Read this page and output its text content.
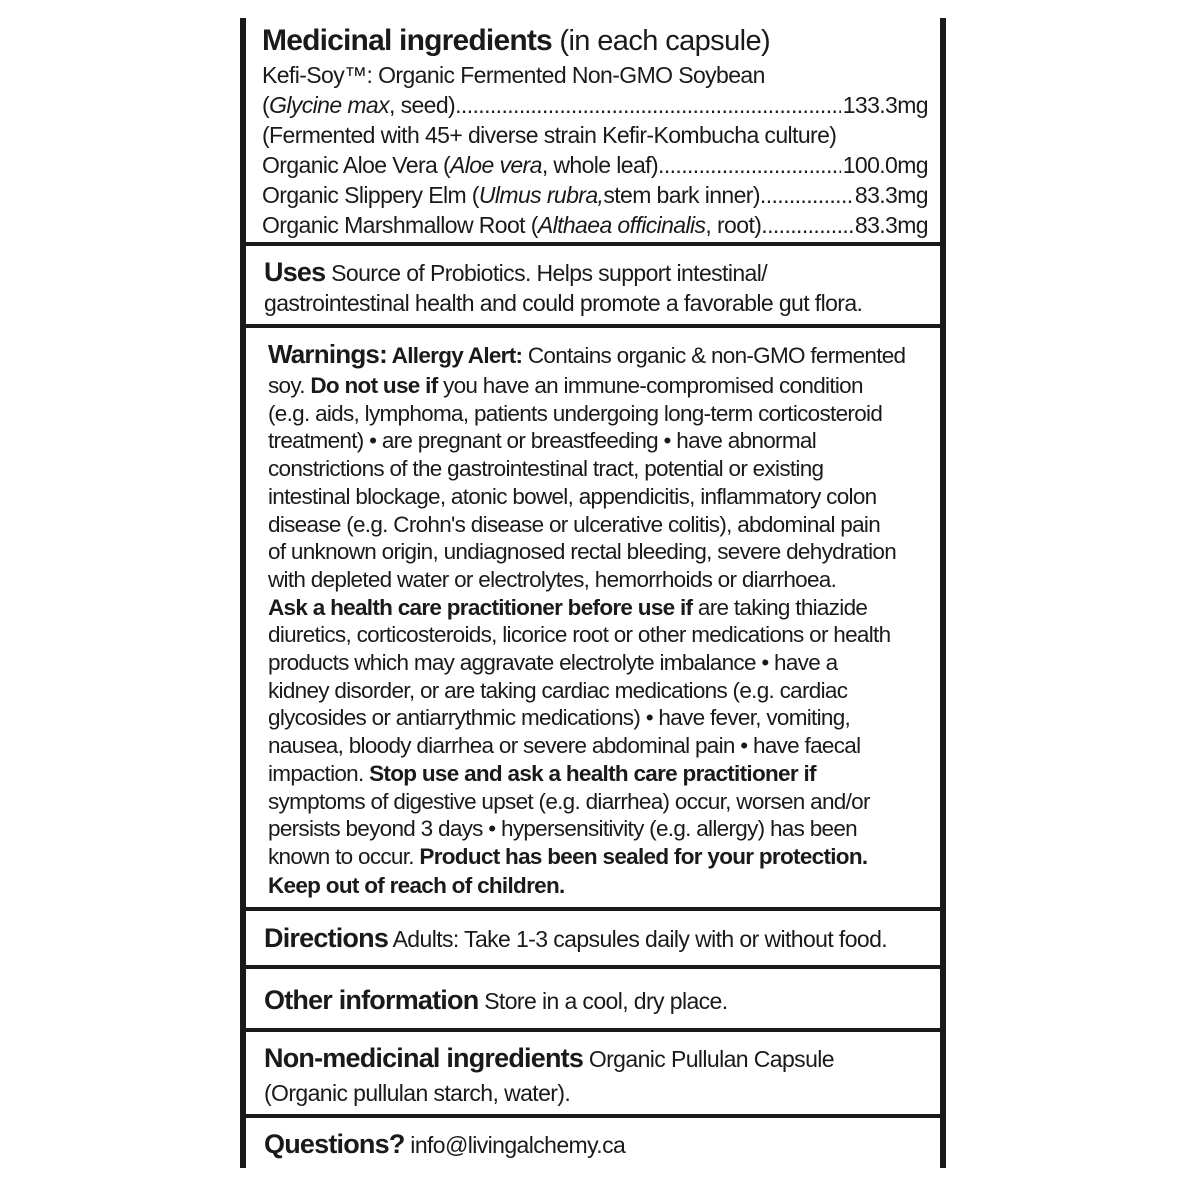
Medicinal ingredients (in each capsule)
Kefi-Soy™: Organic Fermented Non-GMO Soybean
( Glycine max , seed) .....	133.3mg
(Fermented with 45+ diverse strain Kefir-Kombucha culture)
Organic Aloe Vera ( Aloe vera , whole leaf) .....	100.0mg
Organic Slippery Elm ( Ulmus rubra, stem bark inner) .....	83.3mg
Organic Marshmallow Root ( Althaea officinalis , root) .....	83.3mg
Uses Source of Probiotics. Helps support intestinal/
gastrointestinal health and could promote a favorable gut flora.
Warnings: Allergy Alert: Contains organic & non-GMO fermented
soy. Do not use if you have an immune-compromised condition
(e.g. aids, lymphoma, patients undergoing long-term corticosteroid
treatment) • are pregnant or breastfeeding • have abnormal
constrictions of the gastrointestinal tract, potential or existing
intestinal blockage, atonic bowel, appendicitis, inflammatory colon
disease (e.g. Crohn's disease or ulcerative colitis), abdominal pain
of unknown origin, undiagnosed rectal bleeding, severe dehydration
with depleted water or electrolytes, hemorrhoids or diarrhoea.
Ask a health care practitioner before use if are taking thiazide
diuretics, corticosteroids, licorice root or other medications or health
products which may aggravate electrolyte imbalance • have a
kidney disorder, or are taking cardiac medications (e.g. cardiac
glycosides or antiarrythmic medications) • have fever, vomiting,
nausea, bloody diarrhea or severe abdominal pain • have faecal
impaction. Stop use and ask a health care practitioner if
symptoms of digestive upset (e.g. diarrhea) occur, worsen and/or
persists beyond 3 days • hypersensitivity (e.g. allergy) has been
known to occur. Product has been sealed for your protection.
Keep out of reach of children.
Directions Adults: Take 1-3 capsules daily with or without food.
Other information Store in a cool, dry place.
Non-medicinal ingredients Organic Pullulan Capsule
(Organic pullulan starch, water).
Questions? info@livingalchemy.ca
